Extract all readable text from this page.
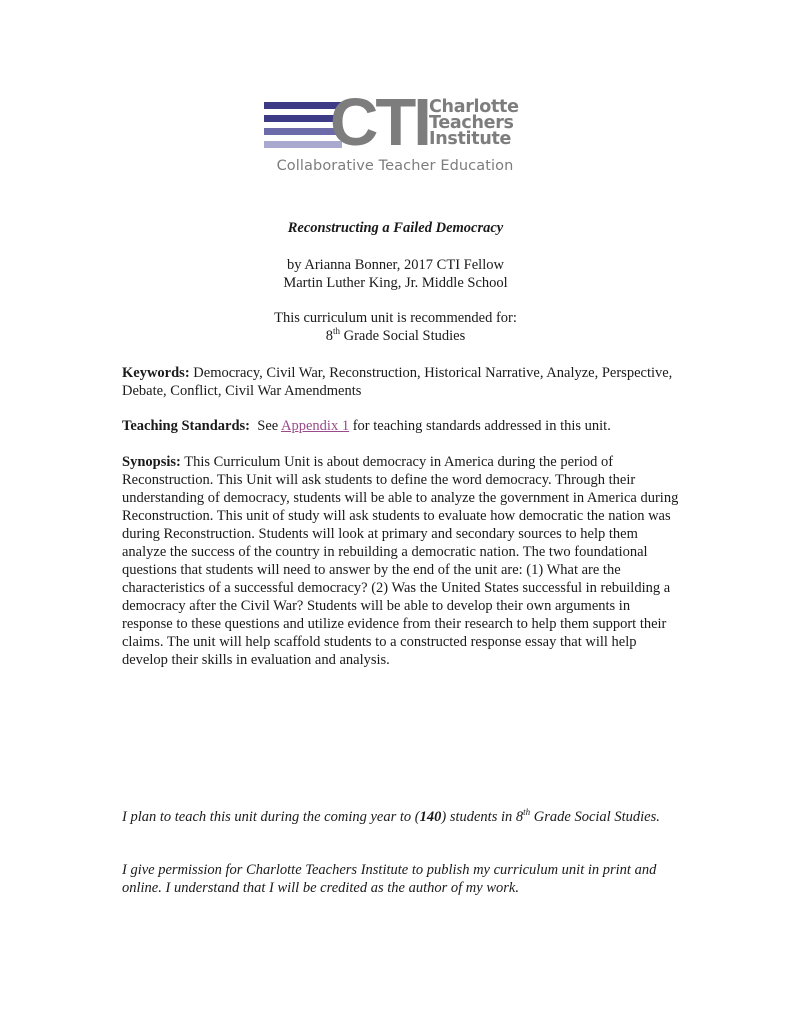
CTI Charlotte
Teachers
Institute
Collaborative Teacher Education
Reconstructing a Failed Democracy
by Arianna Bonner, 2017 CTI Fellow
Martin Luther King, Jr. Middle School
This curriculum unit is recommended for:
8th Grade Social Studies
Keywords: Democracy, Civil War, Reconstruction, Historical Narrative, Analyze, Perspective, Debate, Conflict, Civil War Amendments
Teaching Standards:  See Appendix 1 for teaching standards addressed in this unit.
Synopsis: This Curriculum Unit is about democracy in America during the period of Reconstruction. This Unit will ask students to define the word democracy. Through their understanding of democracy, students will be able to analyze the government in America during Reconstruction. This unit of study will ask students to evaluate how democratic the nation was during Reconstruction. Students will look at primary and secondary sources to help them analyze the success of the country in rebuilding a democratic nation. The two foundational questions that students will need to answer by the end of the unit are: (1) What are the characteristics of a successful democracy? (2) Was the United States successful in rebuilding a democracy after the Civil War? Students will be able to develop their own arguments in response to these questions and utilize evidence from their research to help them support their claims. The unit will help scaffold students to a constructed response essay that will help develop their skills in evaluation and analysis.
I plan to teach this unit during the coming year to (140) students in 8th Grade Social Studies.
I give permission for Charlotte Teachers Institute to publish my curriculum unit in print and online. I understand that I will be credited as the author of my work.
